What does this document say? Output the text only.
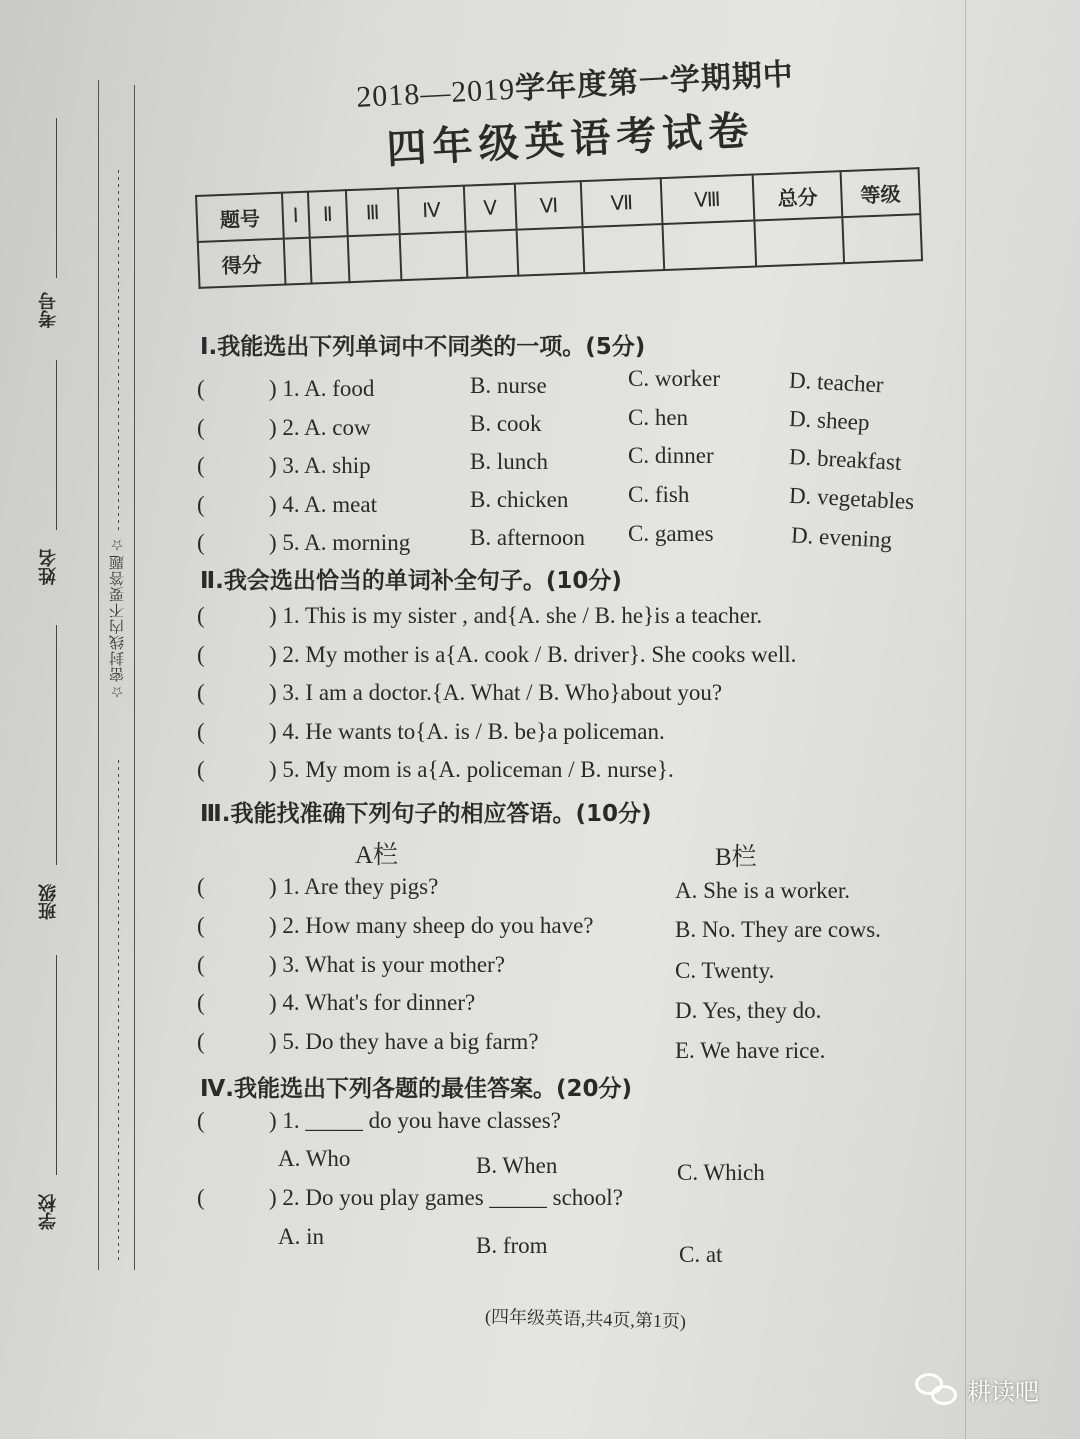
☆密封线内不要答题☆
考号
姓名
班级
学校
2018—2019学年度第一学期期中
四年级英语考试卷
题号	Ⅰ	Ⅱ	Ⅲ	Ⅳ	Ⅴ	Ⅵ	Ⅶ	Ⅷ	总分	等级
得分										
Ⅰ.我能选出下列单词中不同类的一项。(5分)
(	) 1. A. food	B. nurse	C. worker	D. teacher
(	) 2. A. cow	B. cook	C. hen	D. sheep
(	) 3. A. ship	B. lunch	C. dinner	D. breakfast
(	) 4. A. meat	B. chicken	C. fish	D. vegetables
(	) 5. A. morning	B. afternoon C. games	D. evening
Ⅱ.我会选出恰当的单词补全句子。(10分)
(	) 1. This is my sister , and{A. she / B. he}is a teacher.
(	) 2. My mother is a{A. cook / B. driver}. She cooks well.
(	) 3. I am a doctor.{A. What / B. Who}about you?
(	) 4. He wants to{A. is / B. be}a policeman.
(	) 5. My mom is a{A. policeman / B. nurse}.
Ⅲ.我能找准确下列句子的相应答语。(10分)
A栏	B栏
(	) 1. Are they pigs?	A. She is a worker.
(	) 2. How many sheep do you have?	B. No. They are cows.
(	) 3. What is your mother?	C. Twenty.
(	) 4. What's for dinner?	D. Yes, they do.
(	) 5. Do they have a big farm?	E. We have rice.
Ⅳ.我能选出下列各题的最佳答案。(20分)
(	) 1. _____ do you have classes?
A. Who	B. When	C. Which
(	) 2. Do you play games _____ school?
A. in	B. from	C. at
(四年级英语,共4页,第1页)
耕读吧
